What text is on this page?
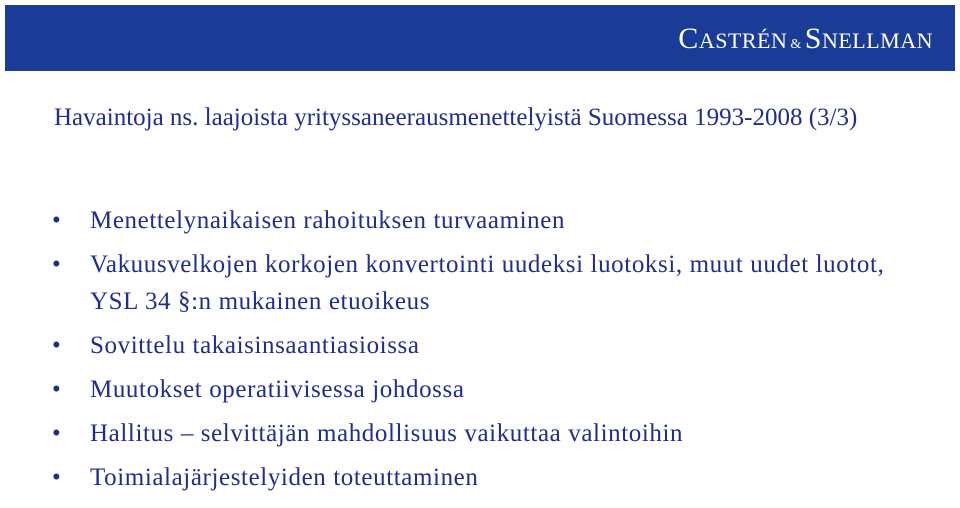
CASTRÉN & SNELLMAN
Havaintoja ns. laajoista yrityssaneerausmenettelyistä Suomessa 1993-2008 (3/3)
• Menettelynaikaisen rahoituksen turvaaminen
• Vakuusvelkojen korkojen konvertointi uudeksi luotoksi, muut uudet luotot, YSL 34 §:n mukainen etuoikeus
• Sovittelu takaisinsaantiasioissa
• Muutokset operatiivisessa johdossa
• Hallitus – selvittäjän mahdollisuus vaikuttaa valintoihin
• Toimialajärjestelyiden toteuttaminen
